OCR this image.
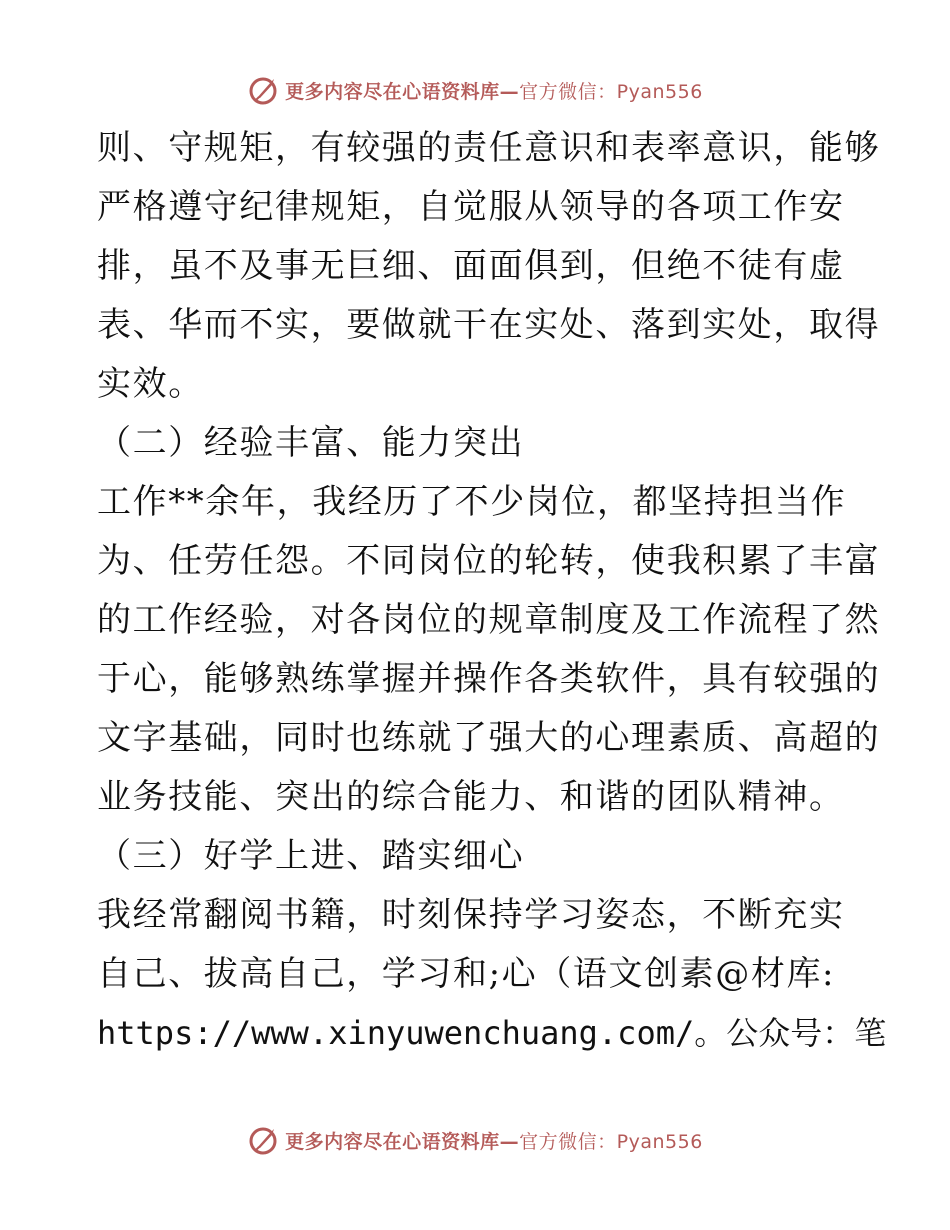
更多内容尽在心语资料库—官方微信：Pyan556
则、守规矩，有较强的责任意识和表率意识，能够
严格遵守纪律规矩，自觉服从领导的各项工作安
排，虽不及事无巨细、面面俱到，但绝不徒有虚
表、华而不实，要做就干在实处、落到实处，取得
实效。
（二）经验丰富、能力突出
工作**余年，我经历了不少岗位，都坚持担当作
为、任劳任怨。不同岗位的轮转，使我积累了丰富
的工作经验，对各岗位的规章制度及工作流程了然
于心，能够熟练掌握并操作各类软件，具有较强的
文字基础，同时也练就了强大的心理素质、高超的
业务技能、突出的综合能力、和谐的团队精神。
（三）好学上进、踏实细心
我经常翻阅书籍，时刻保持学习姿态，不断充实
自己、拔高自己，学习和;心（语文创素@材库:
https://www.xinyuwenchuang.com/。公众号：笔
更多内容尽在心语资料库—官方微信：Pyan556
